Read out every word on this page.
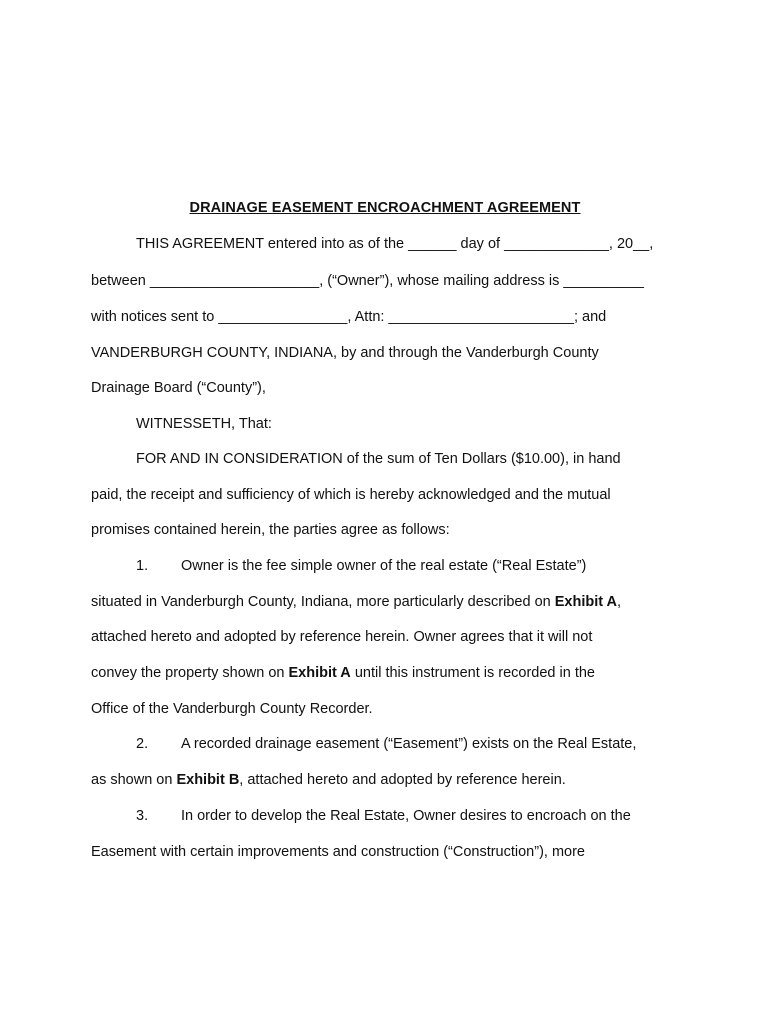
DRAINAGE EASEMENT ENCROACHMENT AGREEMENT
THIS AGREEMENT entered into as of the ______ day of _____________, 20__,
between _____________________, (“Owner”), whose mailing address is __________
with notices sent to ________________, Attn: _______________________; and
VANDERBURGH COUNTY, INDIANA, by and through the Vanderburgh County
Drainage Board (“County”),
WITNESSETH, That:
FOR AND IN CONSIDERATION of the sum of Ten Dollars ($10.00), in hand
paid, the receipt and sufficiency of which is hereby acknowledged and the mutual
promises contained herein, the parties agree as follows:
1. Owner is the fee simple owner of the real estate (“Real Estate”)
situated in Vanderburgh County, Indiana, more particularly described on Exhibit A,
attached hereto and adopted by reference herein. Owner agrees that it will not
convey the property shown on Exhibit A until this instrument is recorded in the
Office of the Vanderburgh County Recorder.
2. A recorded drainage easement (“Easement”) exists on the Real Estate,
as shown on Exhibit B, attached hereto and adopted by reference herein.
3. In order to develop the Real Estate, Owner desires to encroach on the
Easement with certain improvements and construction (“Construction”), more
